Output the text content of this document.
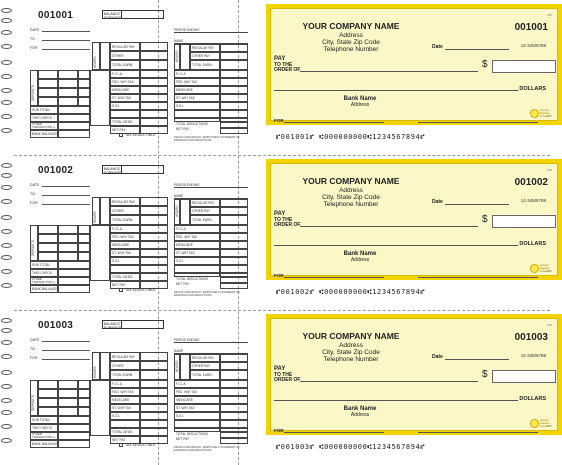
001001	BALANCE FORWARD
DATE
TO
FOR
HOURS
REGULAR PAY
OTHER
TOTAL EARN.
DEPOSITS
F.I.C.A.
FED. W/H TAX
MEDICARE
ST. W/H TAX
S.D.I.
TOTAL DEDS.
NET PAY
SUB TOTAL
THIS CHECK
OTHER TRANSACTION (+ or -)
BANK BALANCE	TAX DEDUCTIBLE
PERIOD ENDING
NAME
HOURS
REGULAR PAY
OTHER PAY
TOTAL EARN.
F.I.C.A.
FED. W/H TAX
MEDICARE
ST. W/H TAX
S.D.I.
TOTAL DEDUCTIONS
NET PAY
DETACH AND RETAIN - EMPLOYEE'S STATEMENT OF EARNINGS AND DEDUCTIONS
MP
YOUR COMPANY NAME
Address
City, State Zip Code
Telephone Number
001001
12-345/6789
Date
PAY
TO THE
ORDER OF	$
DOLLARS
Bank Name
Address
FOR
MP
Security Features Included
⑈001001⑈ ⑆000000000⑆1234567894⑈
001002	BALANCE FORWARD
DATE
TO
FOR
HOURS
REGULAR PAY
OTHER
TOTAL EARN.
DEPOSITS
F.I.C.A.
FED. W/H TAX
MEDICARE
ST. W/H TAX
S.D.I.
TOTAL DEDS.
NET PAY
SUB TOTAL
THIS CHECK
OTHER TRANSACTION (+ or -)
BANK BALANCE	TAX DEDUCTIBLE
PERIOD ENDING
NAME
HOURS
REGULAR PAY
OTHER PAY
TOTAL EARN.
F.I.C.A.
FED. W/H TAX
MEDICARE
ST. W/H TAX
S.D.I.
TOTAL DEDUCTIONS
NET PAY
DETACH AND RETAIN - EMPLOYEE'S STATEMENT OF EARNINGS AND DEDUCTIONS
MP
YOUR COMPANY NAME
Address
City, State Zip Code
Telephone Number
001002
12-345/6789
Date
PAY
TO THE
ORDER OF	$
DOLLARS
Bank Name
Address
FOR
MP
Security Features Included
⑈001002⑈ ⑆000000000⑆1234567894⑈
001003	BALANCE FORWARD
DATE
TO
FOR
HOURS
REGULAR PAY
OTHER
TOTAL EARN.
DEPOSITS
F.I.C.A.
FED. W/H TAX
MEDICARE
ST. W/H TAX
S.D.I.
TOTAL DEDS.
NET PAY
SUB TOTAL
THIS CHECK
OTHER TRANSACTION (+ or -)
BANK BALANCE	TAX DEDUCTIBLE
PERIOD ENDING
NAME
HOURS
REGULAR PAY
OTHER PAY
TOTAL EARN.
F.I.C.A.
FED. W/H TAX
MEDICARE
ST. W/H TAX
S.D.I.
TOTAL DEDUCTIONS
NET PAY
DETACH AND RETAIN - EMPLOYEE'S STATEMENT OF EARNINGS AND DEDUCTIONS
MP
YOUR COMPANY NAME
Address
City, State Zip Code
Telephone Number
001003
12-345/6789
Date
PAY
TO THE
ORDER OF	$
DOLLARS
Bank Name
Address
FOR
MP
Security Features Included
⑈001003⑈ ⑆000000000⑆1234567894⑈
